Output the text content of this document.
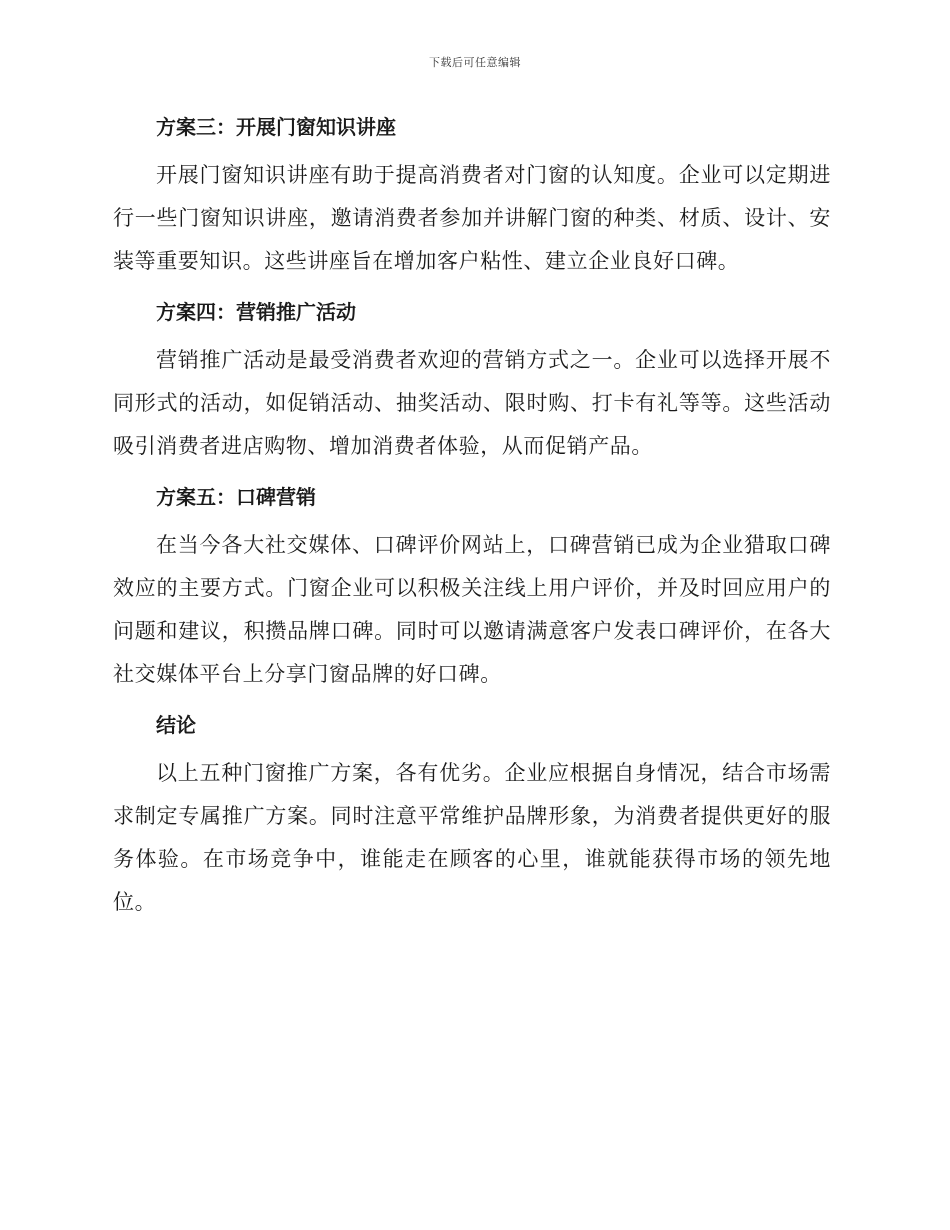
下载后可任意编辑
方案三：开展门窗知识讲座

开展门窗知识讲座有助于提高消费者对门窗的认知度。企业可以定期进行一些门窗知识讲座，邀请消费者参加并讲解门窗的种类、材质、设计、安装等重要知识。这些讲座旨在增加客户粘性、建立企业良好口碑。

方案四：营销推广活动

营销推广活动是最受消费者欢迎的营销方式之一。企业可以选择开展不同形式的活动，如促销活动、抽奖活动、限时购、打卡有礼等等。这些活动吸引消费者进店购物、增加消费者体验，从而促销产品。

方案五：口碑营销

在当今各大社交媒体、口碑评价网站上，口碑营销已成为企业猎取口碑效应的主要方式。门窗企业可以积极关注线上用户评价，并及时回应用户的问题和建议，积攒品牌口碑。同时可以邀请满意客户发表口碑评价，在各大社交媒体平台上分享门窗品牌的好口碑。

结论

以上五种门窗推广方案，各有优劣。企业应根据自身情况，结合市场需求制定专属推广方案。同时注意平常维护品牌形象，为消费者提供更好的服务体验。在市场竞争中，谁能走在顾客的心里，谁就能获得市场的领先地位。
